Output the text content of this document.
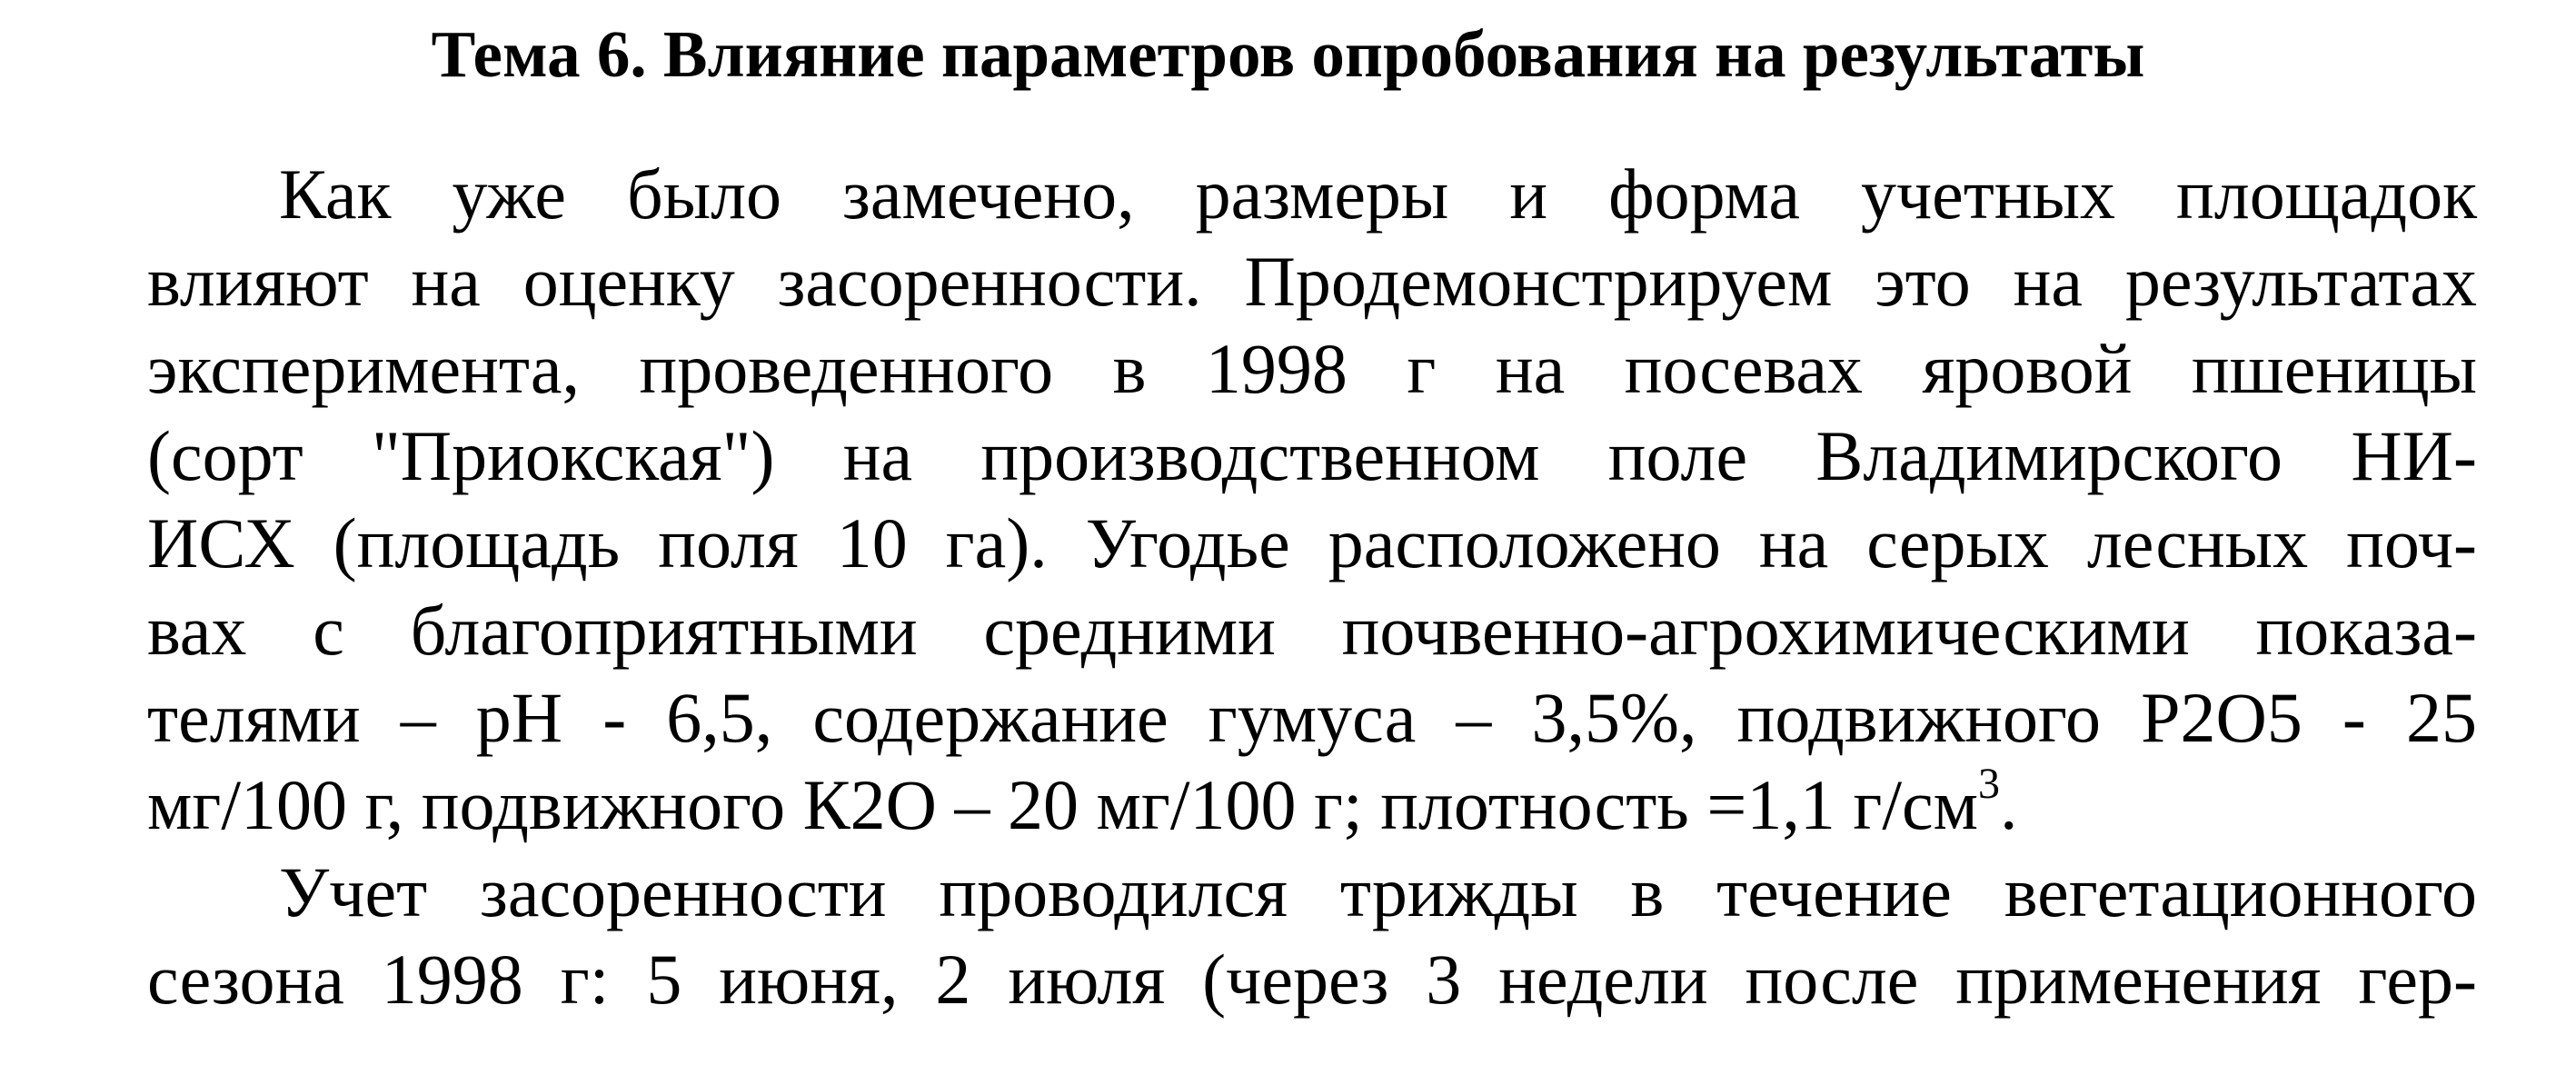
Тема 6. Влияние параметров опробования на результаты
Как уже было замечено, размеры и форма учетных площадок
влияют на оценку засоренности. Продемонстрируем это на результатах
эксперимента, проведенного в 1998 г на посевах яровой пшеницы
(сорт "Приокская") на производственном поле Владимирского НИ-
ИСХ (площадь поля 10 га). Угодье расположено на серых лесных поч-
вах с благоприятными средними почвенно-агрохимическими показа-
телями – pH - 6,5, содержание гумуса – 3,5%, подвижного P2O5 - 25
мг/100 г, подвижного К2О – 20 мг/100 г; плотность =1,1 $г/см^3$.
Учет засоренности проводился трижды в течение вегетационного
сезона 1998 г: 5 июня, 2 июля (через 3 недели после применения гер-
